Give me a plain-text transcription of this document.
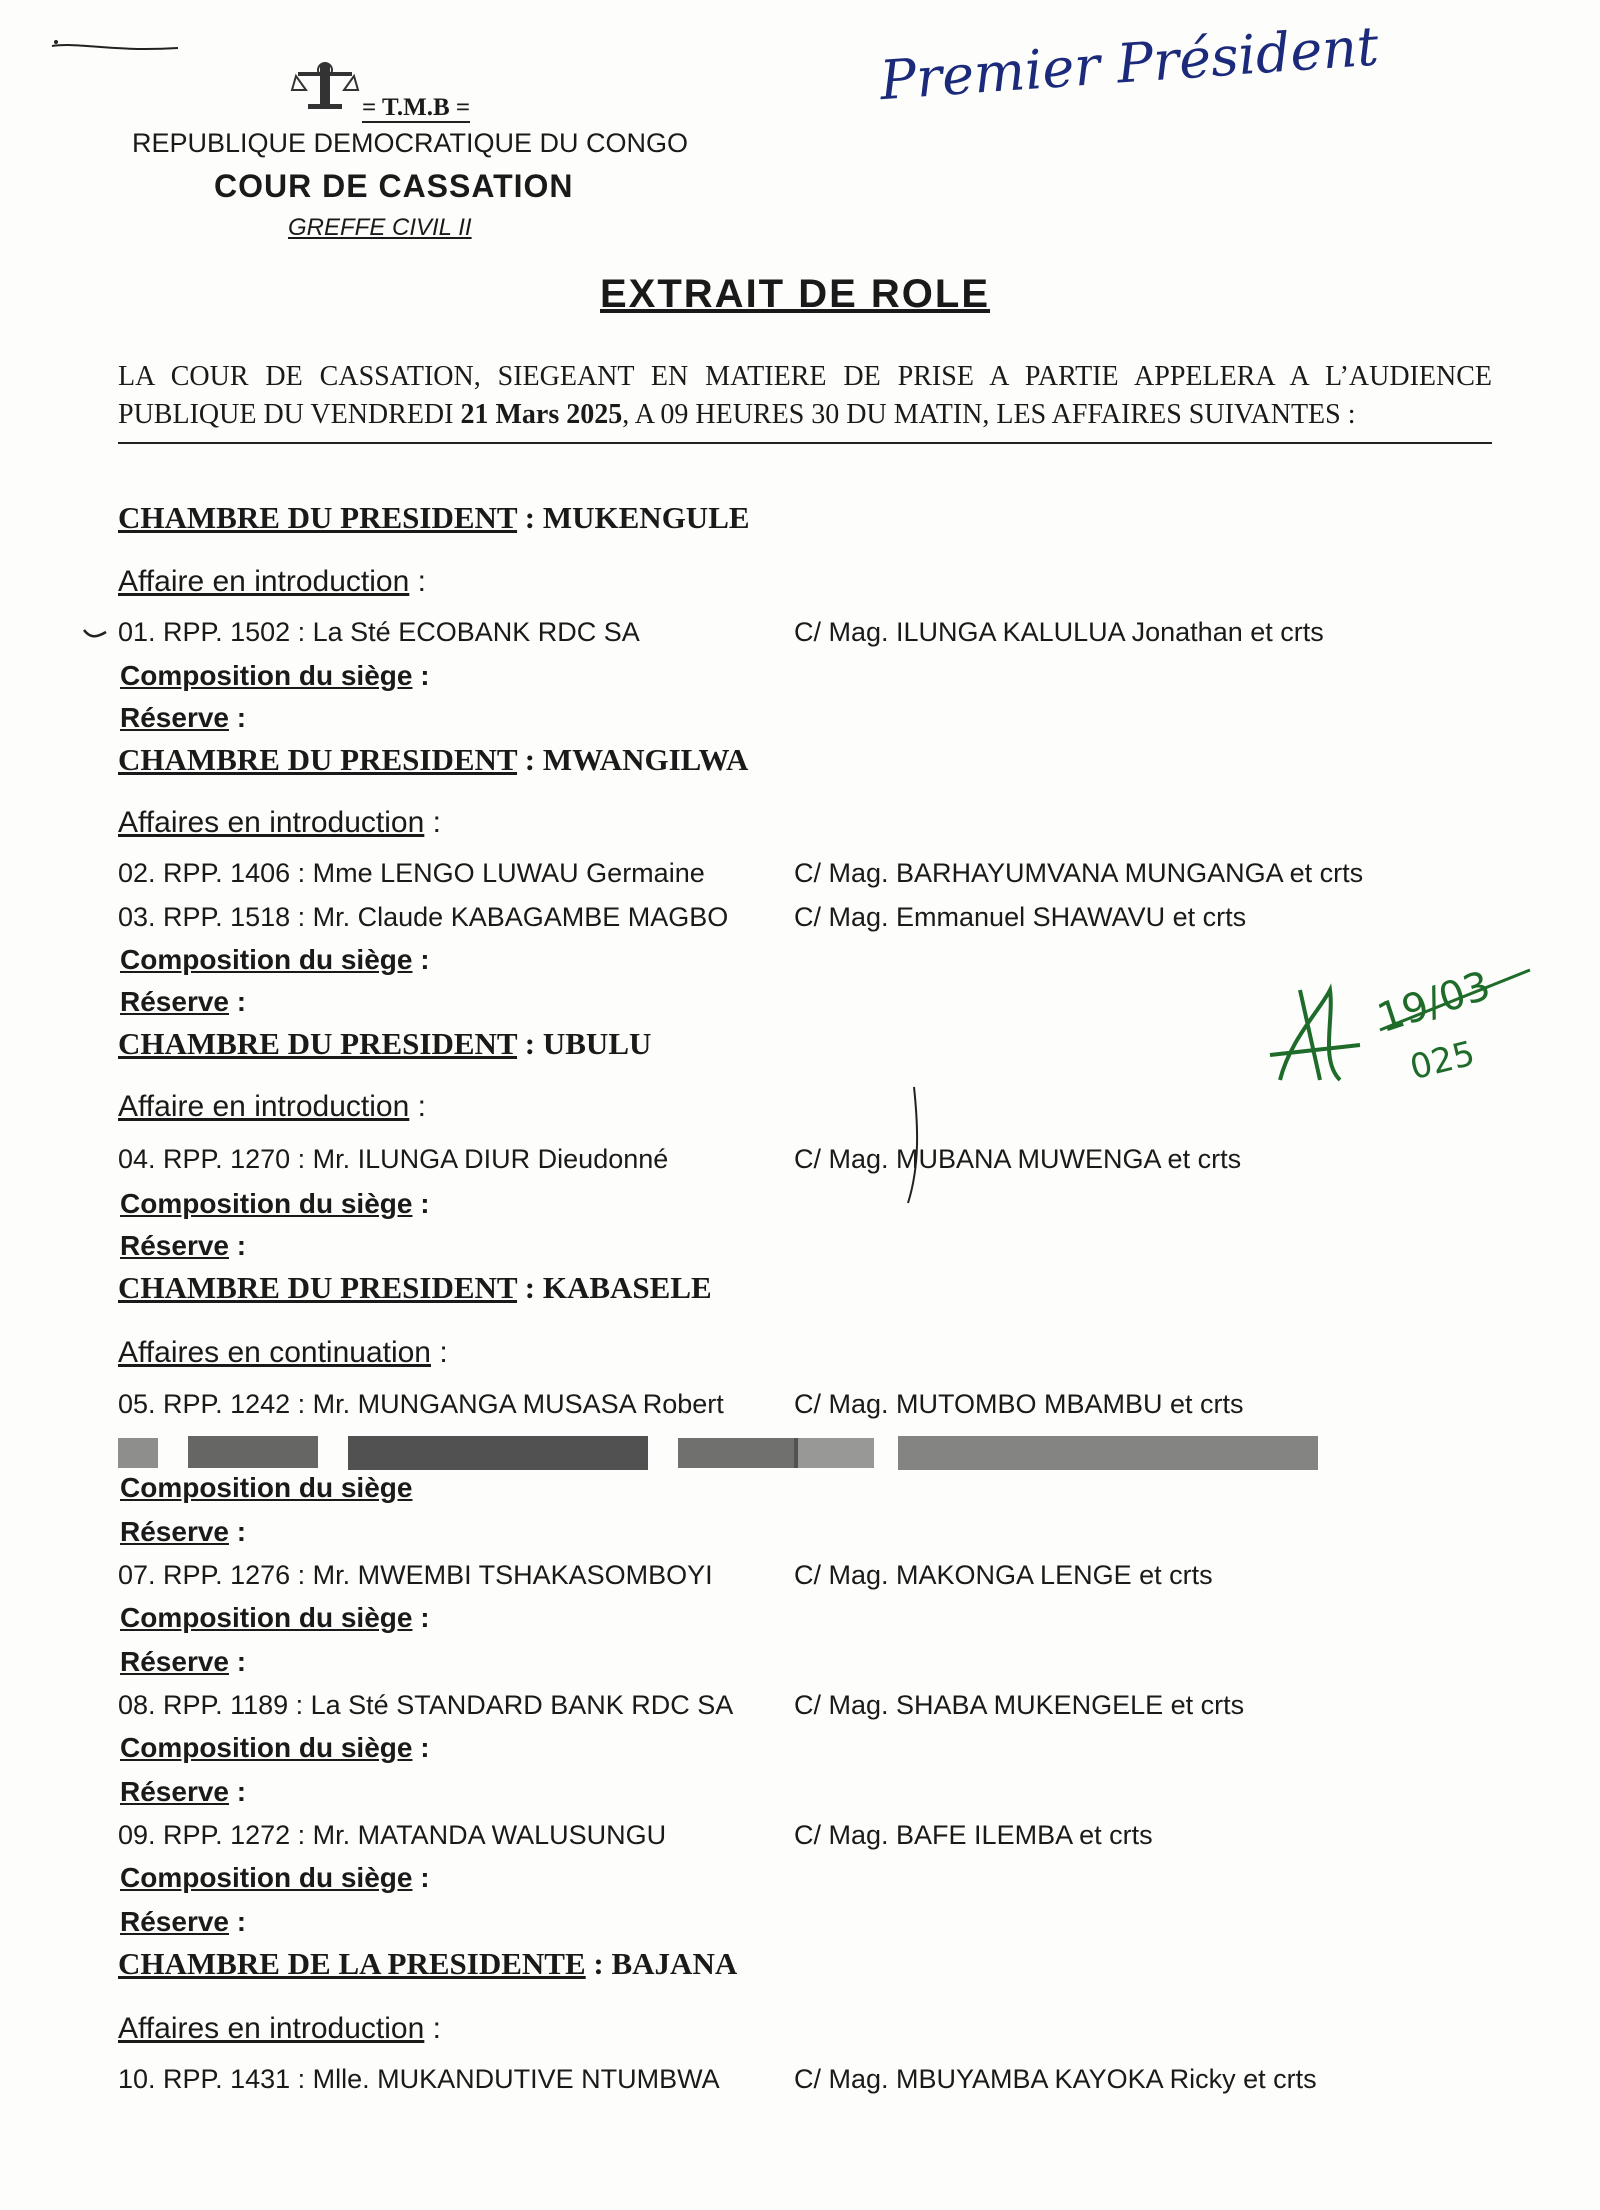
= T.M.B =
REPUBLIQUE DEMOCRATIQUE DU CONGO
COUR DE CASSATION
GREFFE CIVIL II
Premier Président
EXTRAIT DE ROLE
LA COUR DE CASSATION, SIEGEANT EN MATIERE DE PRISE A PARTIE APPELERA A L’AUDIENCE PUBLIQUE DU VENDREDI 21 Mars 2025, A 09 HEURES 30 DU MATIN, LES AFFAIRES SUIVANTES :
CHAMBRE DU PRESIDENT : MUKENGULE
Affaire en introduction :
01. RPP. 1502 : La Sté ECOBANK RDC SA	C/ Mag. ILUNGA KALULUA Jonathan et crts
Composition du siège :
Réserve :
CHAMBRE DU PRESIDENT : MWANGILWA
Affaires en introduction :
02. RPP. 1406 : Mme LENGO LUWAU Germaine	C/ Mag. BARHAYUMVANA MUNGANGA et crts
03. RPP. 1518 : Mr. Claude KABAGAMBE MAGBO C/ Mag. Emmanuel SHAWAVU et crts
Composition du siège :
Réserve :	19/03
025
CHAMBRE DU PRESIDENT : UBULU
Affaire en introduction :
04. RPP. 1270 : Mr. ILUNGA DIUR Dieudonné	C/ Mag. MUBANA MUWENGA et crts
Composition du siège :
Réserve :
CHAMBRE DU PRESIDENT : KABASELE
Affaires en continuation :
05. RPP. 1242 : Mr. MUNGANGA MUSASA Robert	C/ Mag. MUTOMBO MBAMBU et crts
Composition du siège
Réserve :
07. RPP. 1276 : Mr. MWEMBI TSHAKASOMBOYI	C/ Mag. MAKONGA LENGE et crts
Composition du siège :
Réserve :
08. RPP. 1189 : La Sté STANDARD BANK RDC SA C/ Mag. SHABA MUKENGELE et crts
Composition du siège :
Réserve :
09. RPP. 1272 : Mr. MATANDA WALUSUNGU	C/ Mag. BAFE ILEMBA et crts
Composition du siège :
Réserve :
CHAMBRE DE LA PRESIDENTE : BAJANA
Affaires en introduction :
10. RPP. 1431 : Mlle. MUKANDUTIVE NTUMBWA	C/ Mag. MBUYAMBA KAYOKA Ricky et crts
